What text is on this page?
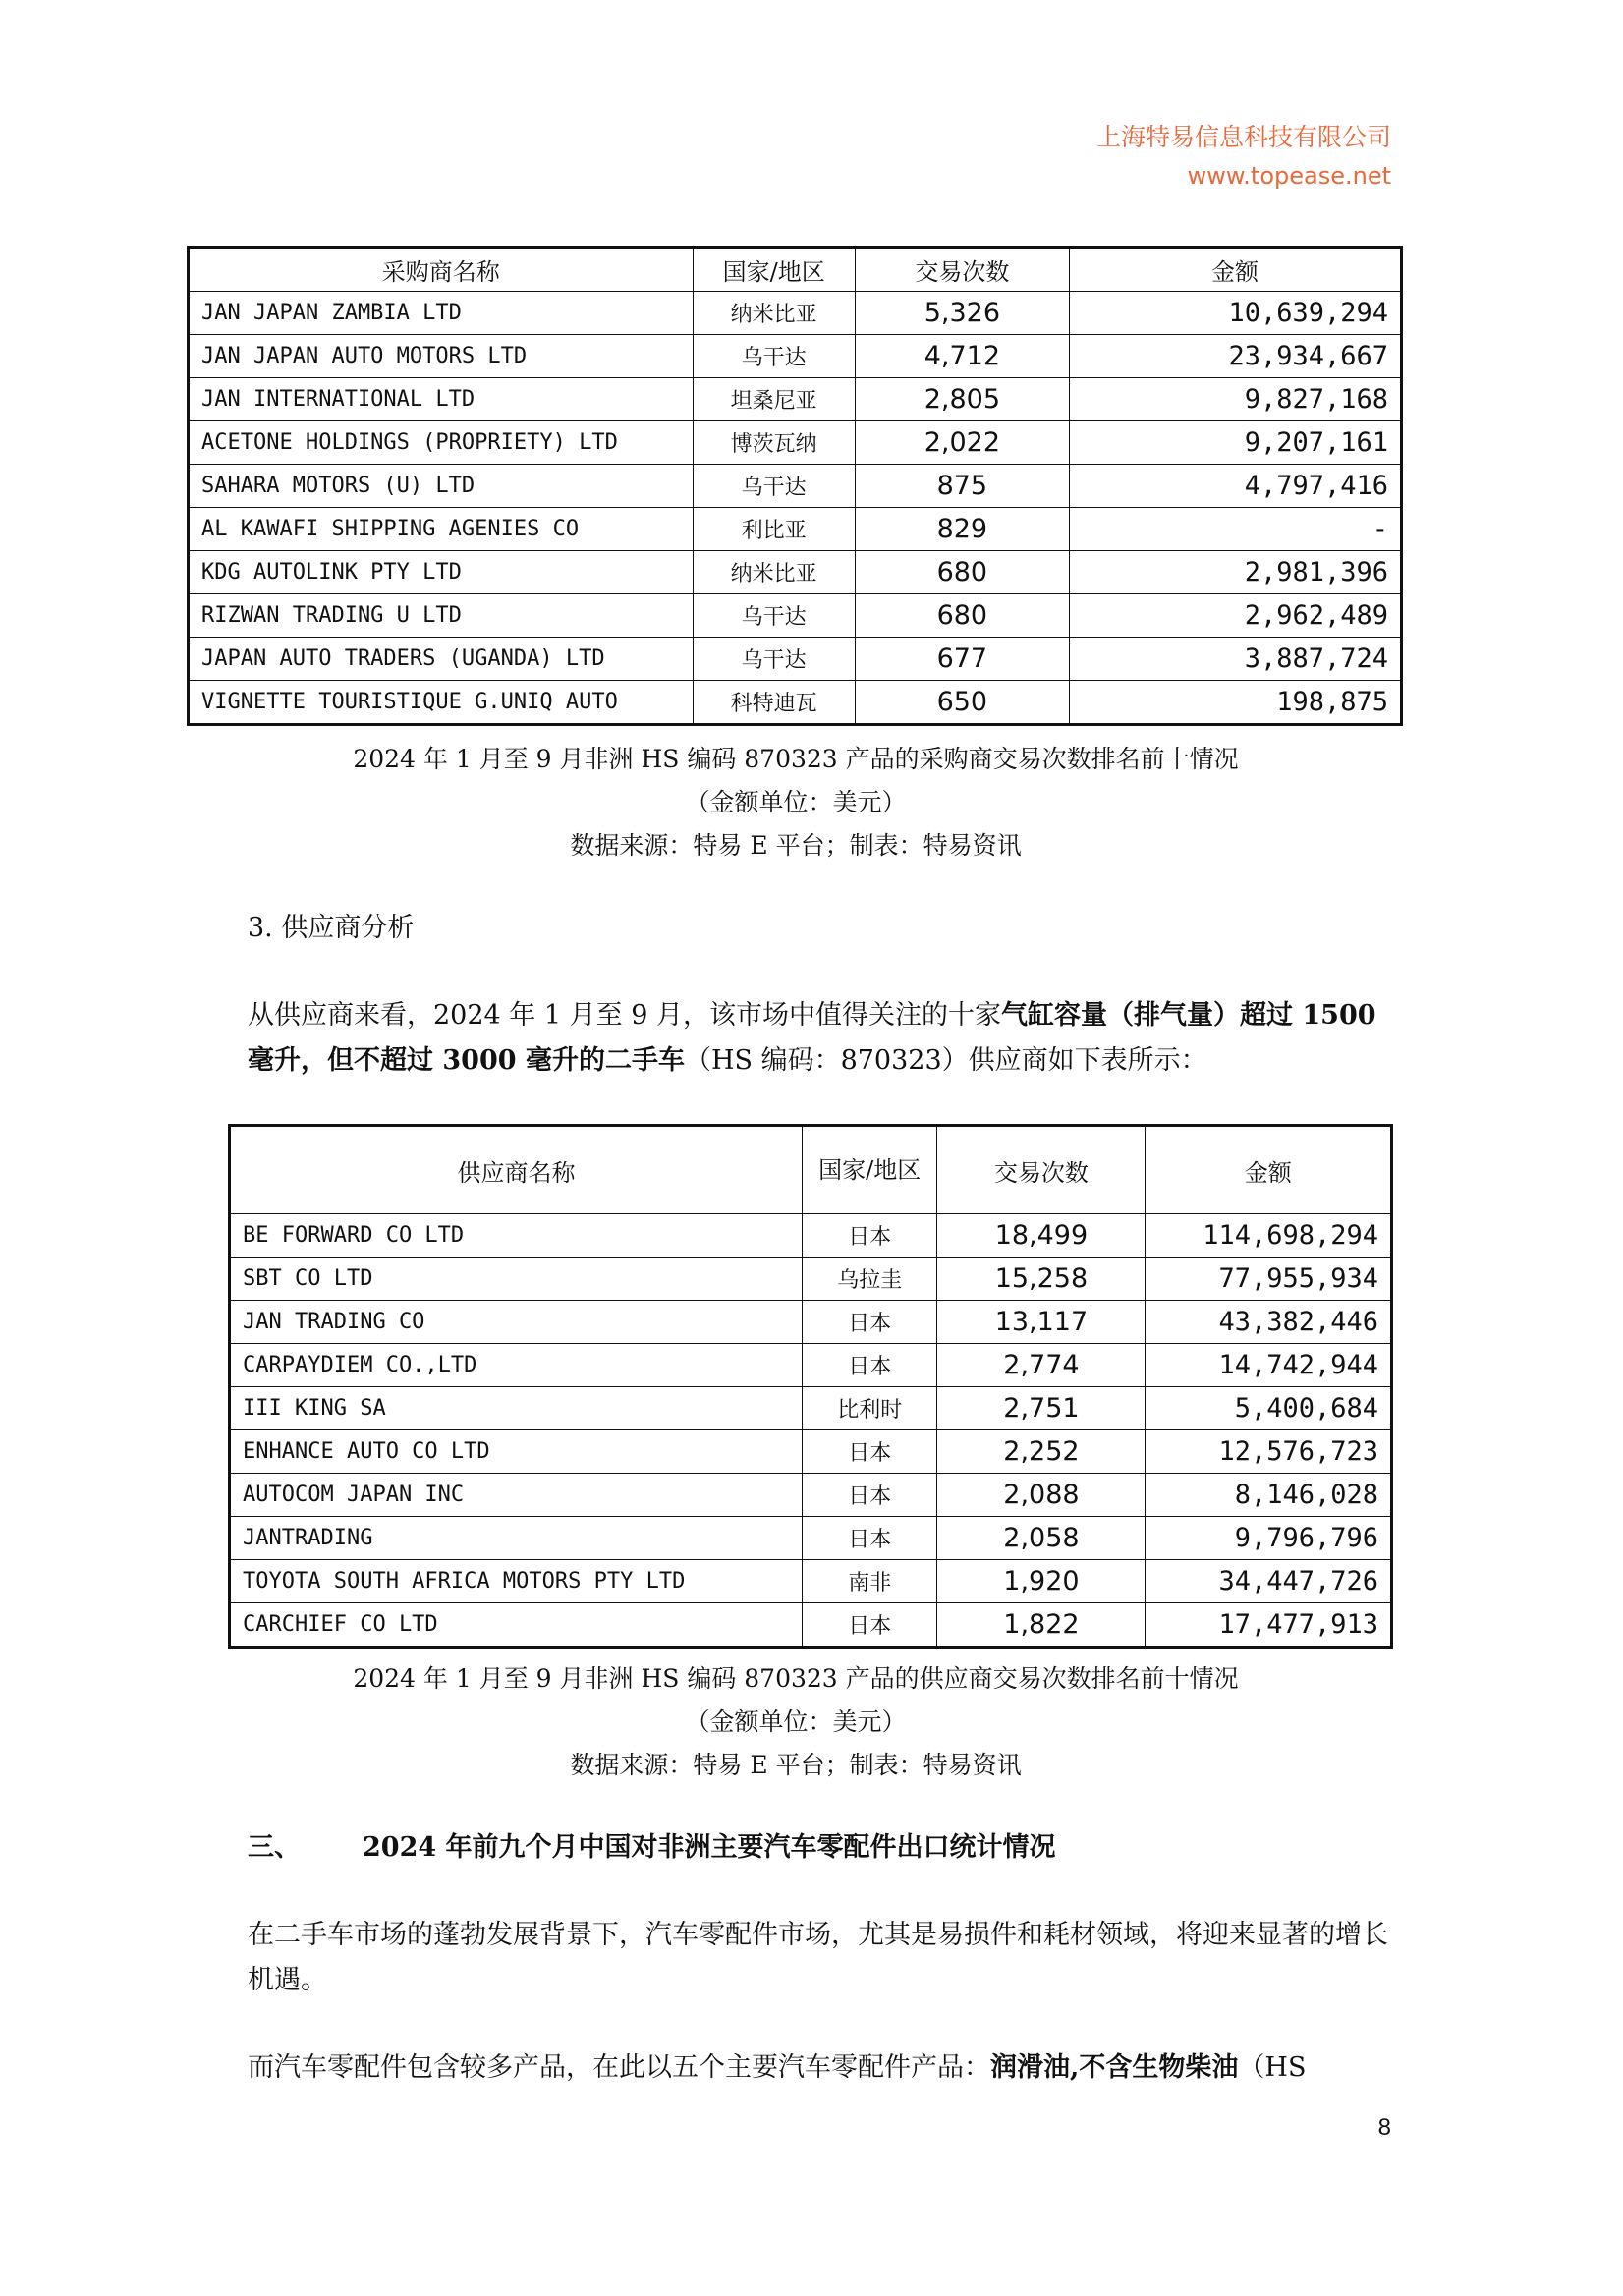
上海特易信息科技有限公司
www.topease.net
采购商名称	国家/地区	交易次数	金额
JAN JAPAN ZAMBIA LTD	纳米比亚	5,326	10,639,294
JAN JAPAN AUTO MOTORS LTD	乌干达	4,712	23,934,667
JAN INTERNATIONAL LTD	坦桑尼亚	2,805	9,827,168
ACETONE HOLDINGS (PROPRIETY) LTD	博茨瓦纳	2,022	9,207,161
SAHARA MOTORS (U) LTD	乌干达	875	4,797,416
AL KAWAFI SHIPPING AGENIES CO	利比亚	829	-
KDG AUTOLINK PTY LTD	纳米比亚	680	2,981,396
RIZWAN TRADING U LTD	乌干达	680	2,962,489
JAPAN AUTO TRADERS (UGANDA) LTD	乌干达	677	3,887,724
VIGNETTE TOURISTIQUE G.UNIQ AUTO	科特迪瓦	650	198,875
2024 年 1 月至 9 月非洲 HS 编码 870323 产品的采购商交易次数排名前十情况
（金额单位：美元）
数据来源：特易 E 平台；制表：特易资讯
3. 供应商分析
从供应商来看，2024 年 1 月至 9 月，该市场中值得关注的十家气缸容量（排气量）超过 1500 毫升，但不超过 3000 毫升的二手车（HS 编码：870323）供应商如下表所示：
供应商名称	国家/地区	交易次数	金额
BE FORWARD CO LTD	日本	18,499	114,698,294
SBT CO LTD	乌拉圭	15,258	77,955,934
JAN TRADING CO	日本	13,117	43,382,446
CARPAYDIEM CO.,LTD	日本	2,774	14,742,944
III KING SA	比利时	2,751	5,400,684
ENHANCE AUTO CO LTD	日本	2,252	12,576,723
AUTOCOM JAPAN INC	日本	2,088	8,146,028
JANTRADING	日本	2,058	9,796,796
TOYOTA SOUTH AFRICA MOTORS PTY LTD	南非	1,920	34,447,726
CARCHIEF CO LTD	日本	1,822	17,477,913
2024 年 1 月至 9 月非洲 HS 编码 870323 产品的供应商交易次数排名前十情况
（金额单位：美元）
数据来源：特易 E 平台；制表：特易资讯
三、 2024 年前九个月中国对非洲主要汽车零配件出口统计情况
在二手车市场的蓬勃发展背景下，汽车零配件市场，尤其是易损件和耗材领域，将迎来显著的增长机遇。
而汽车零配件包含较多产品，在此以五个主要汽车零配件产品：润滑油,不含生物柴油（HS
8
